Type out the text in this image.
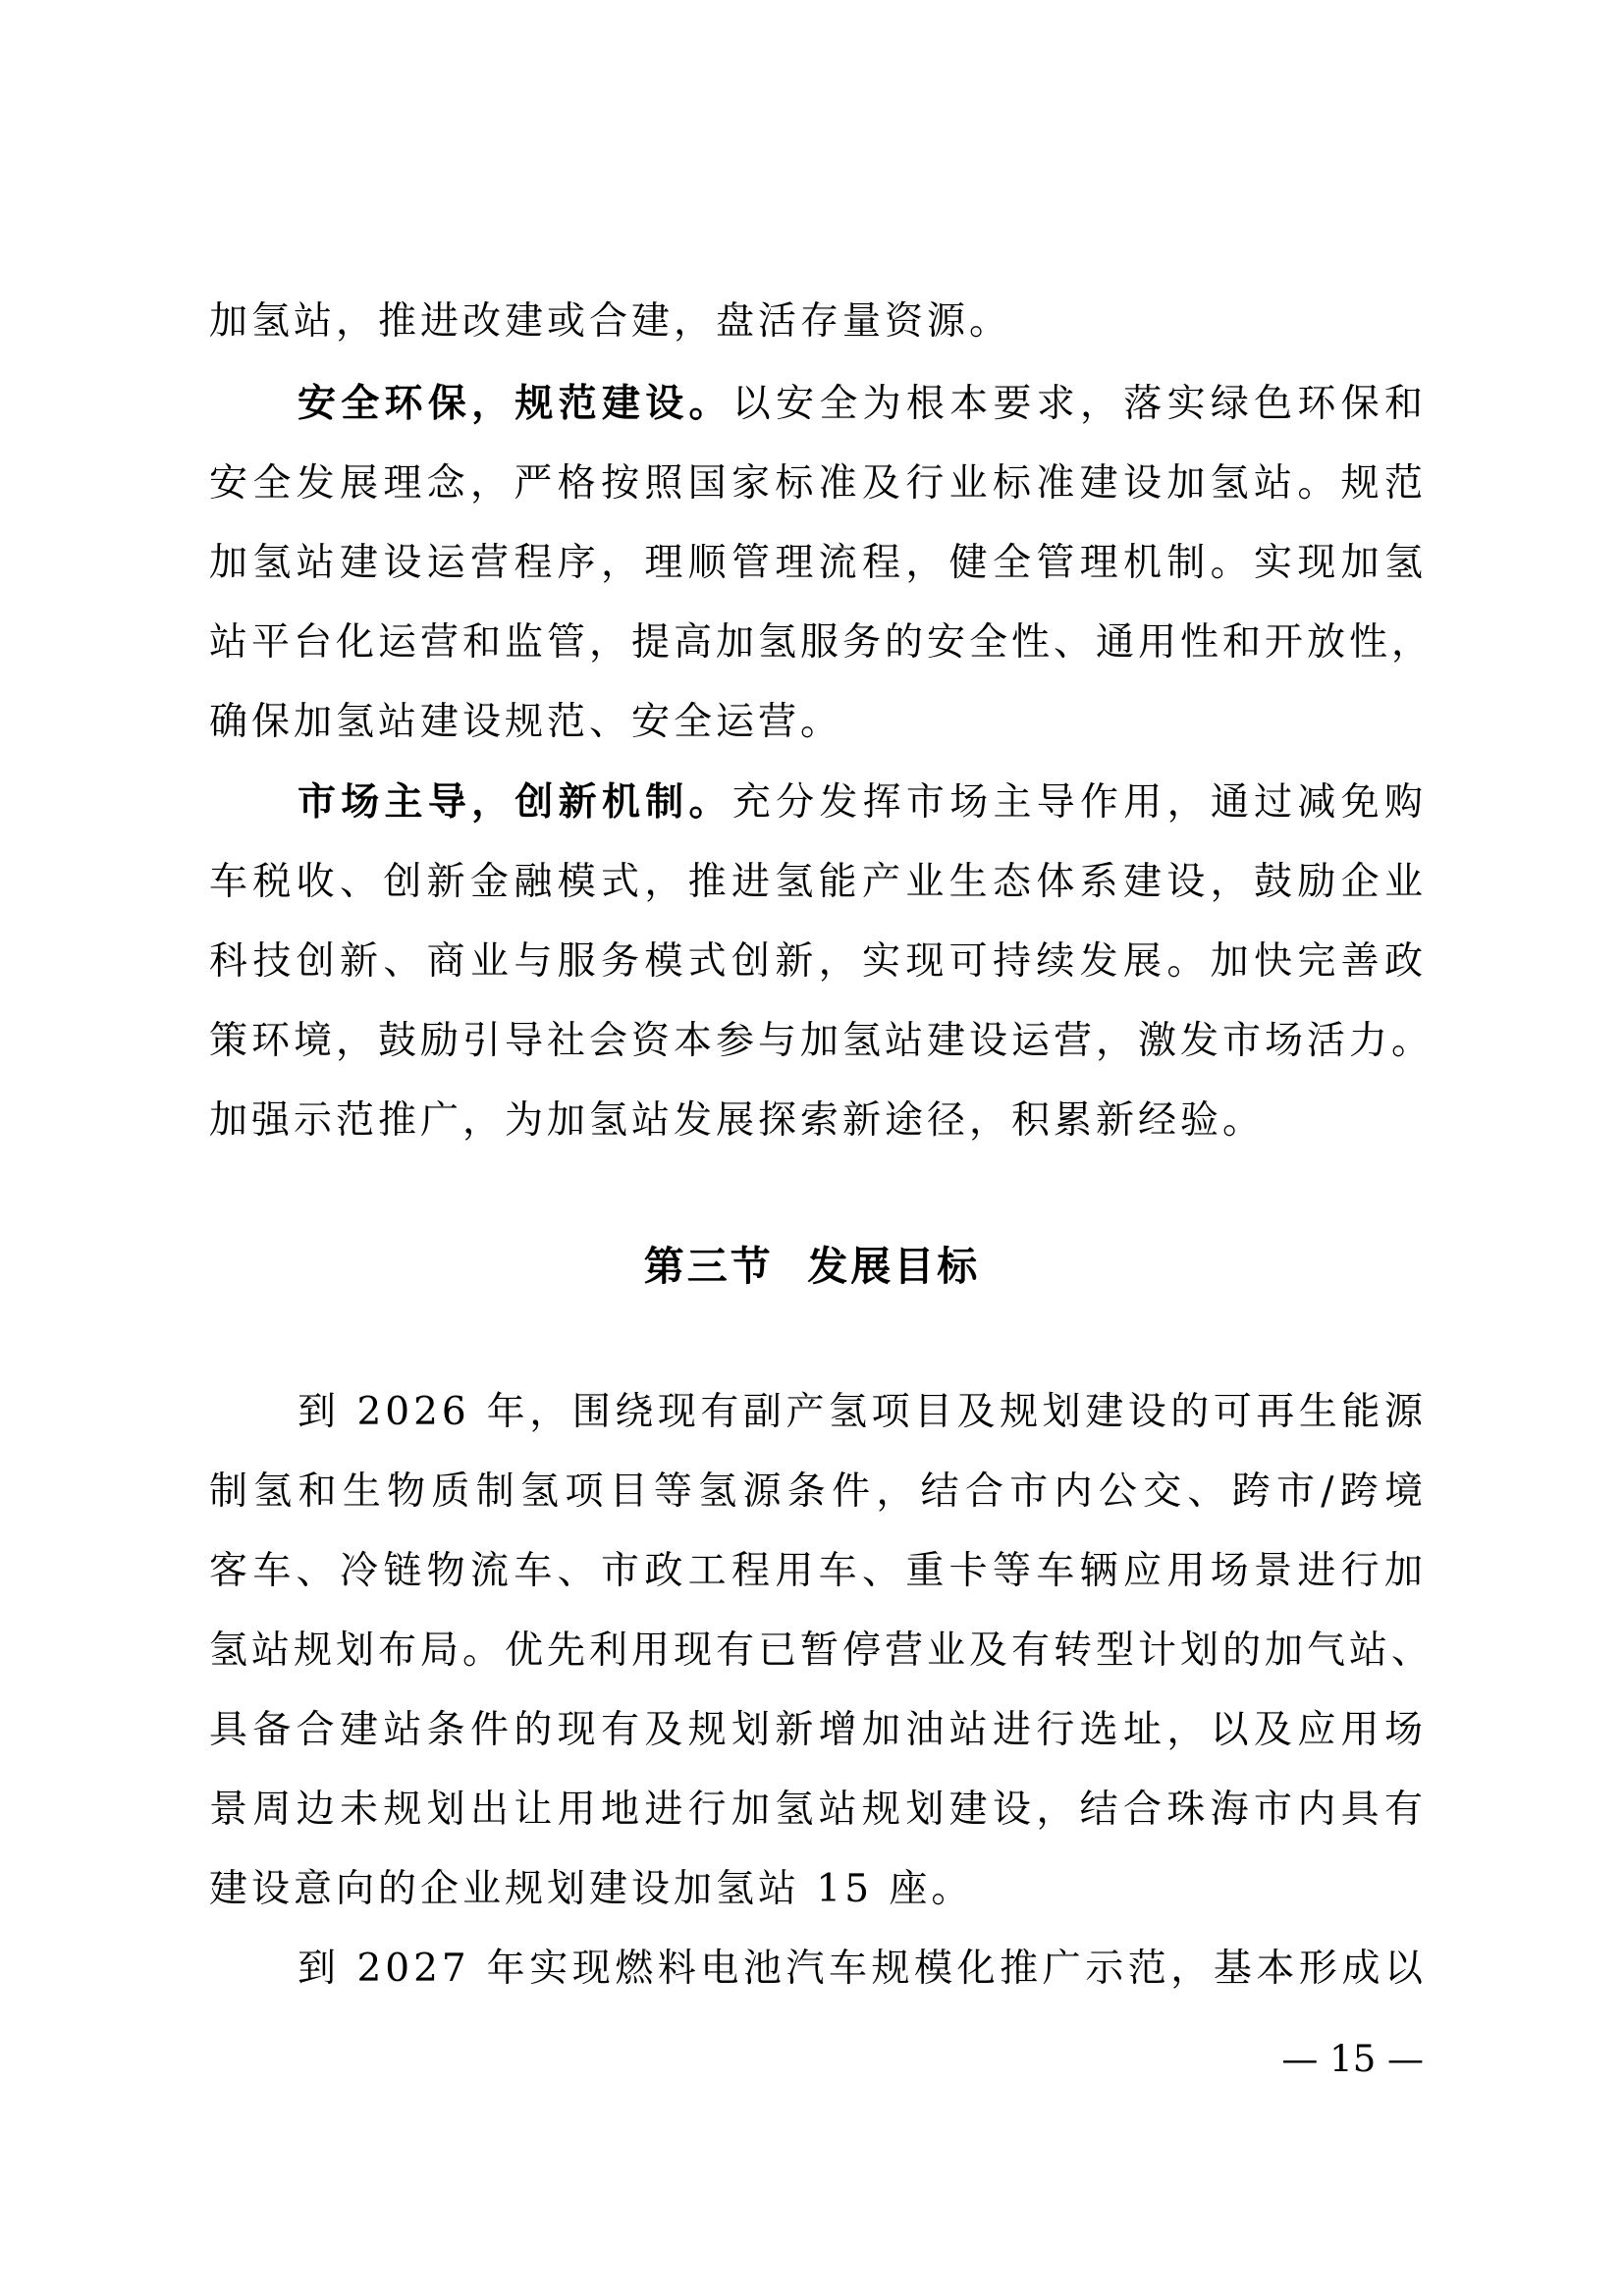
加氢站，推进改建或合建，盘活存量资源。
安全环保，规范建设。以安全为根本要求，落实绿色环保和
安全发展理念，严格按照国家标准及行业标准建设加氢站。规范
加氢站建设运营程序，理顺管理流程，健全管理机制。实现加氢
站平台化运营和监管，提高加氢服务的安全性、通用性和开放性，
确保加氢站建设规范、安全运营。
市场主导，创新机制。充分发挥市场主导作用，通过减免购
车税收、创新金融模式，推进氢能产业生态体系建设，鼓励企业
科技创新、商业与服务模式创新，实现可持续发展。加快完善政
策环境，鼓励引导社会资本参与加氢站建设运营，激发市场活力。
加强示范推广，为加氢站发展探索新途径，积累新经验。
第三节  发展目标
到 2026 年，围绕现有副产氢项目及规划建设的可再生能源
制氢和生物质制氢项目等氢源条件，结合市内公交、跨市/跨境
客车、冷链物流车、市政工程用车、重卡等车辆应用场景进行加
氢站规划布局。优先利用现有已暂停营业及有转型计划的加气站、
具备合建站条件的现有及规划新增加油站进行选址，以及应用场
景周边未规划出让用地进行加氢站规划建设，结合珠海市内具有
建设意向的企业规划建设加氢站 15 座。
到 2027 年实现燃料电池汽车规模化推广示范，基本形成以
— 15 —
